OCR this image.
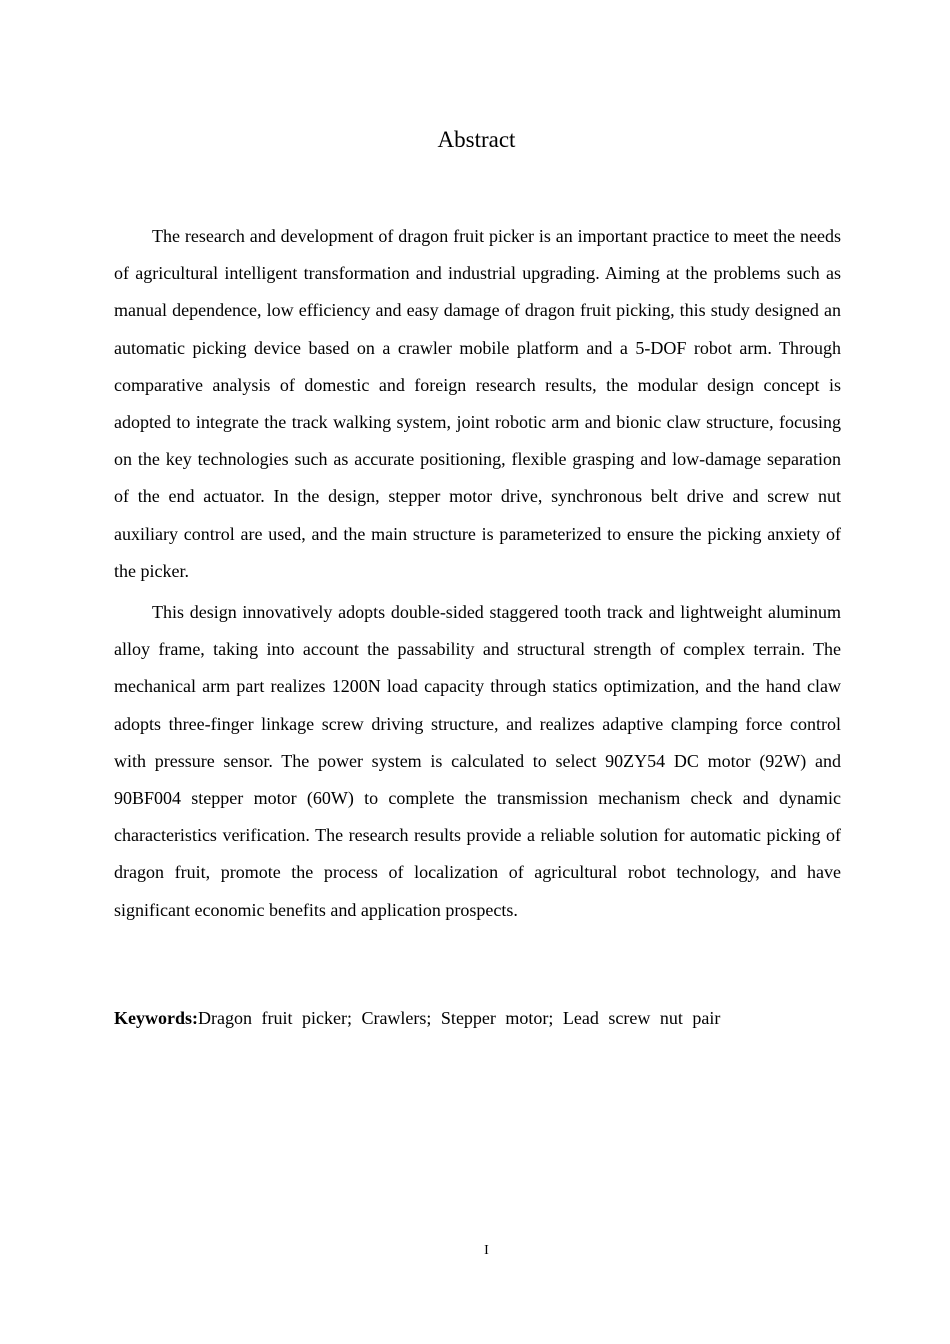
Abstract

The research and development of dragon fruit picker is an important practice to meet the needs of agricultural intelligent transformation and industrial upgrading. Aiming at the problems such as manual dependence, low efficiency and easy damage of dragon fruit picking, this study designed an automatic picking device based on a crawler mobile platform and a 5-DOF robot arm. Through comparative analysis of domestic and foreign research results, the modular design concept is adopted to integrate the track walking system, joint robotic arm and bionic claw structure, focusing on the key technologies such as accurate positioning, flexible grasping and low-damage separation of the end actuator. In the design, stepper motor drive, synchronous belt drive and screw nut auxiliary control are used, and the main structure is parameterized to ensure the picking anxiety of the picker.

This design innovatively adopts double-sided staggered tooth track and lightweight aluminum alloy frame, taking into account the passability and structural strength of complex terrain. The mechanical arm part realizes 1200N load capacity through statics optimization, and the hand claw adopts three-finger linkage screw driving structure, and realizes adaptive clamping force control with pressure sensor. The power system is calculated to select 90ZY54 DC motor (92W) and 90BF004 stepper motor (60W) to complete the transmission mechanism check and dynamic characteristics verification. The research results provide a reliable solution for automatic picking of dragon fruit, promote the process of localization of agricultural robot technology, and have significant economic benefits and application prospects.

Keywords:Dragon fruit picker; Crawlers; Stepper motor; Lead screw nut pair

I
